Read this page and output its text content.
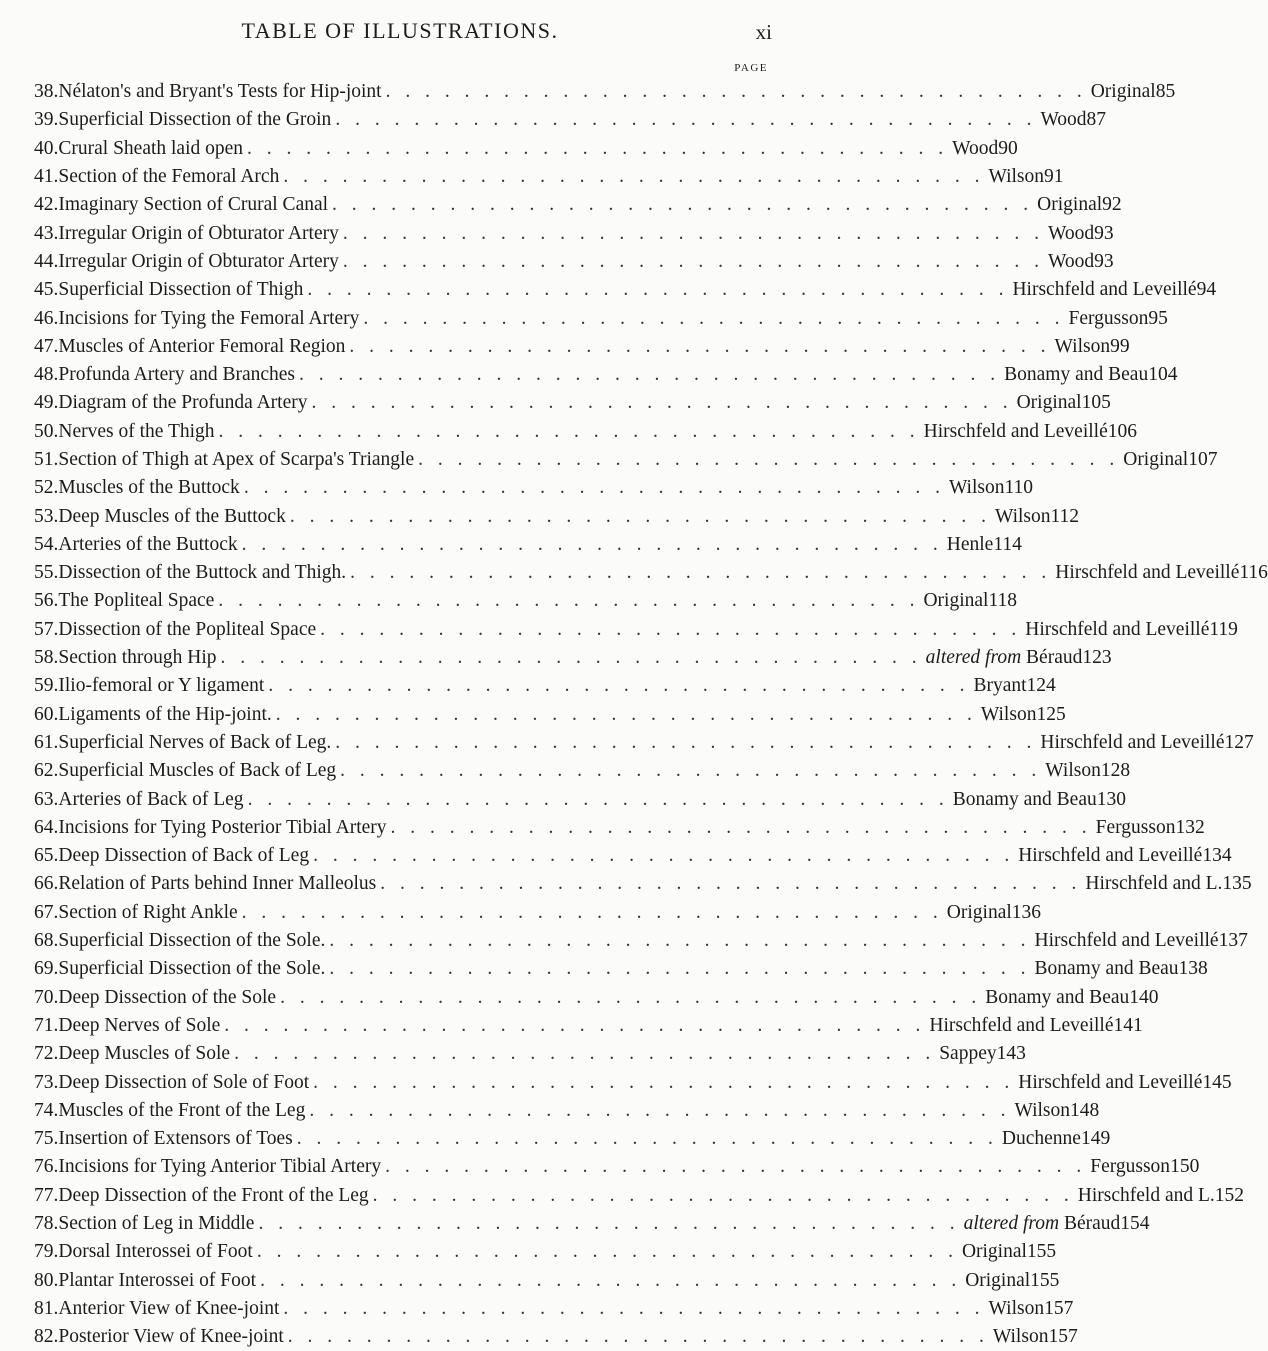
TABLE OF ILLUSTRATIONS.	xi
PAGE
38. Nélaton's and Bryant's Tests for Hip-joint . . . . . . . . . . . . . . . . . . . . . . . . . . . . . . . . . . . . Original 85
39. Superficial Dissection of the Groin . . . . . . . . . . . . . . . . . . . . . . . . . . . . . . . . . . . . Wood 87
40. Crural Sheath laid open . . . . . . . . . . . . . . . . . . . . . . . . . . . . . . . . . . . . Wood 90
41. Section of the Femoral Arch . . . . . . . . . . . . . . . . . . . . . . . . . . . . . . . . . . . . Wilson 91
42. Imaginary Section of Crural Canal . . . . . . . . . . . . . . . . . . . . . . . . . . . . . . . . . . . . Original 92
43. Irregular Origin of Obturator Artery . . . . . . . . . . . . . . . . . . . . . . . . . . . . . . . . . . . . Wood 93
44. Irregular Origin of Obturator Artery . . . . . . . . . . . . . . . . . . . . . . . . . . . . . . . . . . . . Wood 93
45. Superficial Dissection of Thigh . . . . . . . . . . . . . . . . . . . . . . . . . . . . . . . . . . . . Hirschfeld and Leveillé 94
46. Incisions for Tying the Femoral Artery . . . . . . . . . . . . . . . . . . . . . . . . . . . . . . . . . . . . Fergusson 95
47. Muscles of Anterior Femoral Region . . . . . . . . . . . . . . . . . . . . . . . . . . . . . . . . . . . . Wilson 99
48. Profunda Artery and Branches . . . . . . . . . . . . . . . . . . . . . . . . . . . . . . . . . . . . Bonamy and Beau 104
49. Diagram of the Profunda Artery . . . . . . . . . . . . . . . . . . . . . . . . . . . . . . . . . . . . Original 105
50. Nerves of the Thigh . . . . . . . . . . . . . . . . . . . . . . . . . . . . . . . . . . . . Hirschfeld and Leveillé 106
51. Section of Thigh at Apex of Scarpa's Triangle . . . . . . . . . . . . . . . . . . . . . . . . . . . . . . . . . . . . Original 107
52. Muscles of the Buttock . . . . . . . . . . . . . . . . . . . . . . . . . . . . . . . . . . . . Wilson 110
53. Deep Muscles of the Buttock . . . . . . . . . . . . . . . . . . . . . . . . . . . . . . . . . . . . Wilson 112
54. Arteries of the Buttock . . . . . . . . . . . . . . . . . . . . . . . . . . . . . . . . . . . . Henle 114
55. Dissection of the Buttock and Thigh. . . . . . . . . . . . . . . . . . . . . . . . . . . . . . . . . . . . . Hirschfeld and Leveillé 116
56. The Popliteal Space . . . . . . . . . . . . . . . . . . . . . . . . . . . . . . . . . . . . Original 118
57. Dissection of the Popliteal Space . . . . . . . . . . . . . . . . . . . . . . . . . . . . . . . . . . . . Hirschfeld and Leveillé 119
58. Section through Hip . . . . . . . . . . . . . . . . . . . . . . . . . . . . . . . . . . . . altered from Béraud 123
59. Ilio-femoral or Y ligament . . . . . . . . . . . . . . . . . . . . . . . . . . . . . . . . . . . . Bryant 124
60. Ligaments of the Hip-joint. . . . . . . . . . . . . . . . . . . . . . . . . . . . . . . . . . . . . Wilson 125
61. Superficial Nerves of Back of Leg. . . . . . . . . . . . . . . . . . . . . . . . . . . . . . . . . . . . . Hirschfeld and Leveillé 127
62. Superficial Muscles of Back of Leg . . . . . . . . . . . . . . . . . . . . . . . . . . . . . . . . . . . . Wilson 128
63. Arteries of Back of Leg . . . . . . . . . . . . . . . . . . . . . . . . . . . . . . . . . . . . Bonamy and Beau 130
64. Incisions for Tying Posterior Tibial Artery . . . . . . . . . . . . . . . . . . . . . . . . . . . . . . . . . . . . Fergusson 132
65. Deep Dissection of Back of Leg . . . . . . . . . . . . . . . . . . . . . . . . . . . . . . . . . . . . Hirschfeld and Leveillé 134
66. Relation of Parts behind Inner Malleolus . . . . . . . . . . . . . . . . . . . . . . . . . . . . . . . . . . . . Hirschfeld and L. 135
67. Section of Right Ankle . . . . . . . . . . . . . . . . . . . . . . . . . . . . . . . . . . . . Original 136
68. Superficial Dissection of the Sole. . . . . . . . . . . . . . . . . . . . . . . . . . . . . . . . . . . . . Hirschfeld and Leveillé 137
69. Superficial Dissection of the Sole. . . . . . . . . . . . . . . . . . . . . . . . . . . . . . . . . . . . . Bonamy and Beau 138
70. Deep Dissection of the Sole . . . . . . . . . . . . . . . . . . . . . . . . . . . . . . . . . . . . Bonamy and Beau 140
71. Deep Nerves of Sole . . . . . . . . . . . . . . . . . . . . . . . . . . . . . . . . . . . . Hirschfeld and Leveillé 141
72. Deep Muscles of Sole . . . . . . . . . . . . . . . . . . . . . . . . . . . . . . . . . . . . Sappey 143
73. Deep Dissection of Sole of Foot . . . . . . . . . . . . . . . . . . . . . . . . . . . . . . . . . . . . Hirschfeld and Leveillé 145
74. Muscles of the Front of the Leg . . . . . . . . . . . . . . . . . . . . . . . . . . . . . . . . . . . . Wilson 148
75. Insertion of Extensors of Toes . . . . . . . . . . . . . . . . . . . . . . . . . . . . . . . . . . . . Duchenne 149
76. Incisions for Tying Anterior Tibial Artery . . . . . . . . . . . . . . . . . . . . . . . . . . . . . . . . . . . . Fergusson 150
77. Deep Dissection of the Front of the Leg . . . . . . . . . . . . . . . . . . . . . . . . . . . . . . . . . . . . Hirschfeld and L. 152
78. Section of Leg in Middle . . . . . . . . . . . . . . . . . . . . . . . . . . . . . . . . . . . . altered from Béraud 154
79. Dorsal Interossei of Foot . . . . . . . . . . . . . . . . . . . . . . . . . . . . . . . . . . . . Original 155
80. Plantar Interossei of Foot . . . . . . . . . . . . . . . . . . . . . . . . . . . . . . . . . . . . Original 155
81. Anterior View of Knee-joint . . . . . . . . . . . . . . . . . . . . . . . . . . . . . . . . . . . . Wilson 157
82. Posterior View of Knee-joint . . . . . . . . . . . . . . . . . . . . . . . . . . . . . . . . . . . . Wilson 157
